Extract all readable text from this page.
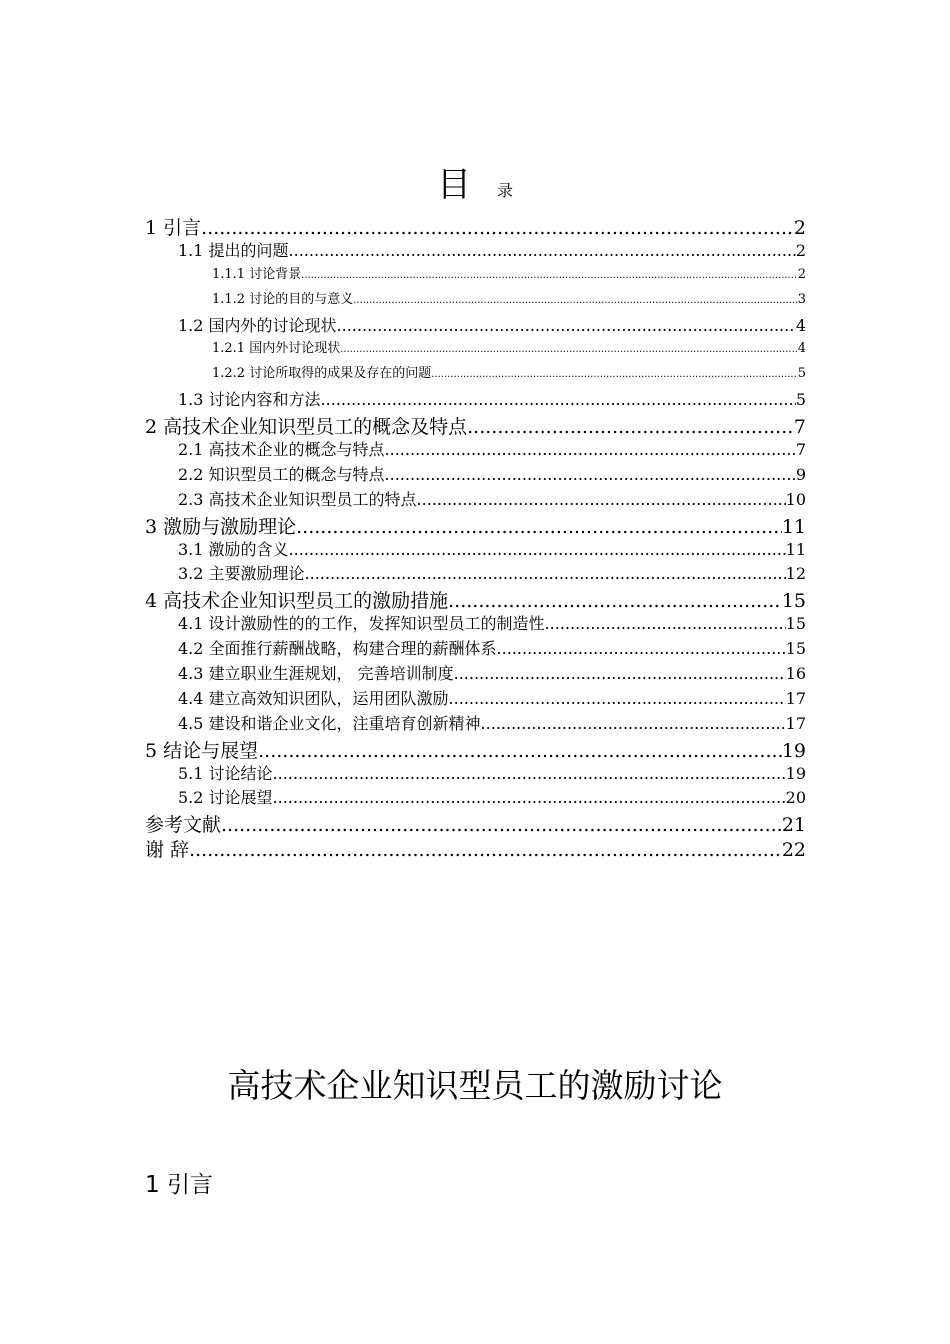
目 录
1 引言 .....	2
1.1 提出的问题 .....	2
1.1.1 讨论背景 .....	2
1.1.2 讨论的目的与意义 .....	3
1.2 国内外的讨论现状 .....	4
1.2.1 国内外讨论现状 .....	4
1.2.2 讨论所取得的成果及存在的问题 .....	5
1.3 讨论内容和方法 .....	5
2 高技术企业知识型员工的概念及特点 .....	7
2.1 高技术企业的概念与特点 .....	7
2.2 知识型员工的概念与特点 .....	9
2.3 高技术企业知识型员工的特点 .....	10
3 激励与激励理论 .....	11
3.1 激励的含义 .....	11
3.2 主要激励理论 .....	12
4 高技术企业知识型员工的激励措施 .....	15
4.1 设计激励性的的工作，发挥知识型员工的制造性 .....	15
4.2 全面推行薪酬战略，构建合理的薪酬体系 .....	15
4.3 建立职业生涯规划， 完善培训制度 .....	16
4.4 建立高效知识团队，运用团队激励 .....	17
4.5 建设和谐企业文化，注重培育创新精神 .....	17
5 结论与展望 .....	19
5.1 讨论结论 .....	19
5.2 讨论展望 .....	20
参考文献 .....	21
谢 辞 .....	22
高技术企业知识型员工的激励讨论
1 引言
